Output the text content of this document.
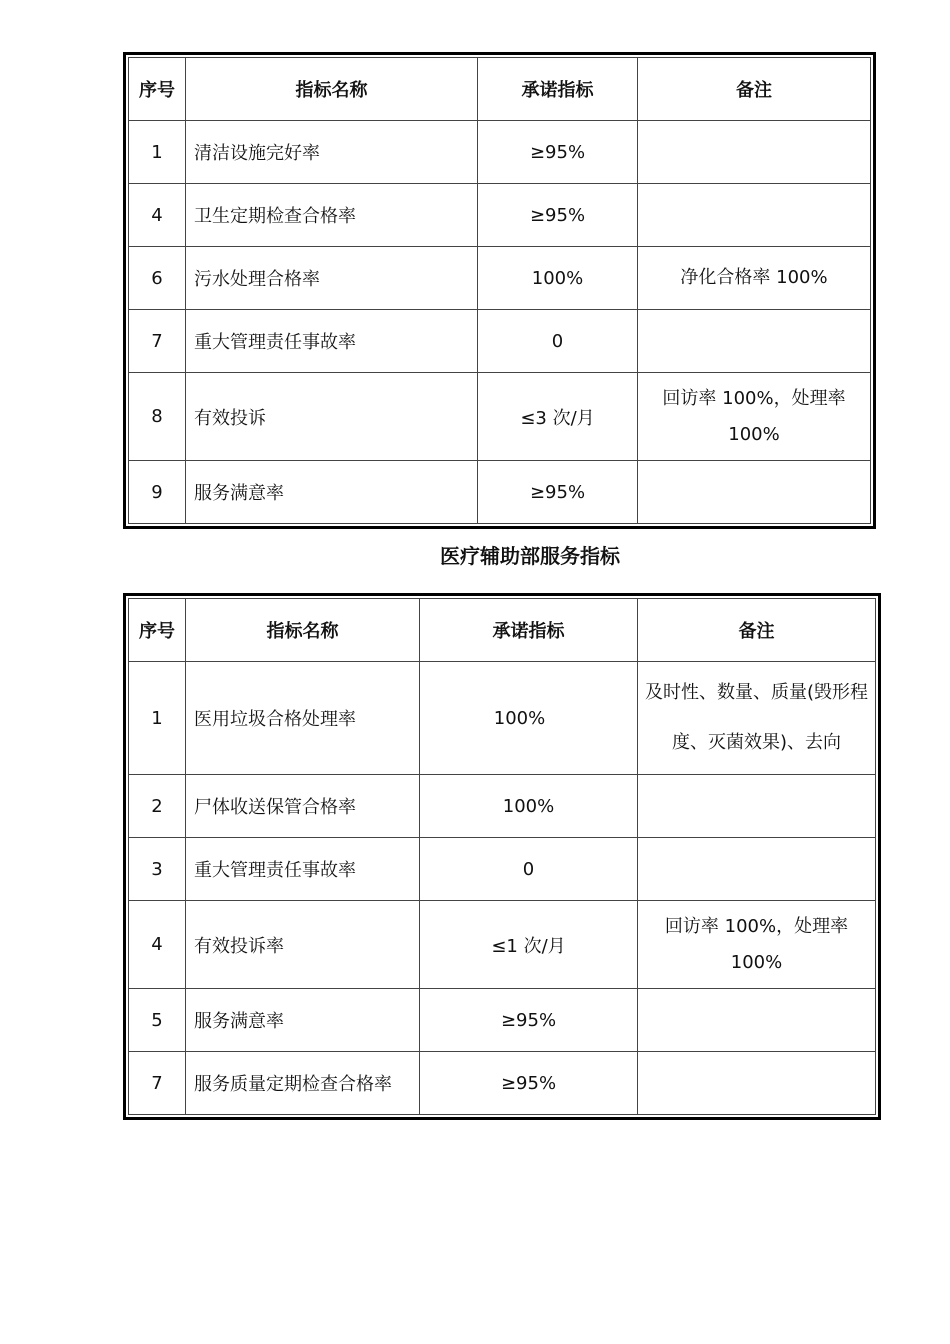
序号	指标名称	承诺指标	备注
1	清洁设施完好率	≥95%	
4	卫生定期检查合格率	≥95%	
6	污水处理合格率	100%	净化合格率 100%
7	重大管理责任事故率	0	
8	有效投诉	≤3 次/月	回访率 100%，处理率 100%
9	服务满意率	≥95%	
医疗辅助部服务指标
序号	指标名称	承诺指标	备注
1	医用垃圾合格处理率	100%	及时性、数量、质量(毁形程度、灭菌效果)、去向
2	尸体收送保管合格率	100%	
3	重大管理责任事故率	0	
4	有效投诉率	≤1 次/月	回访率 100%，处理率 100%
5	服务满意率	≥95%	
7	服务质量定期检查合格率	≥95%	
